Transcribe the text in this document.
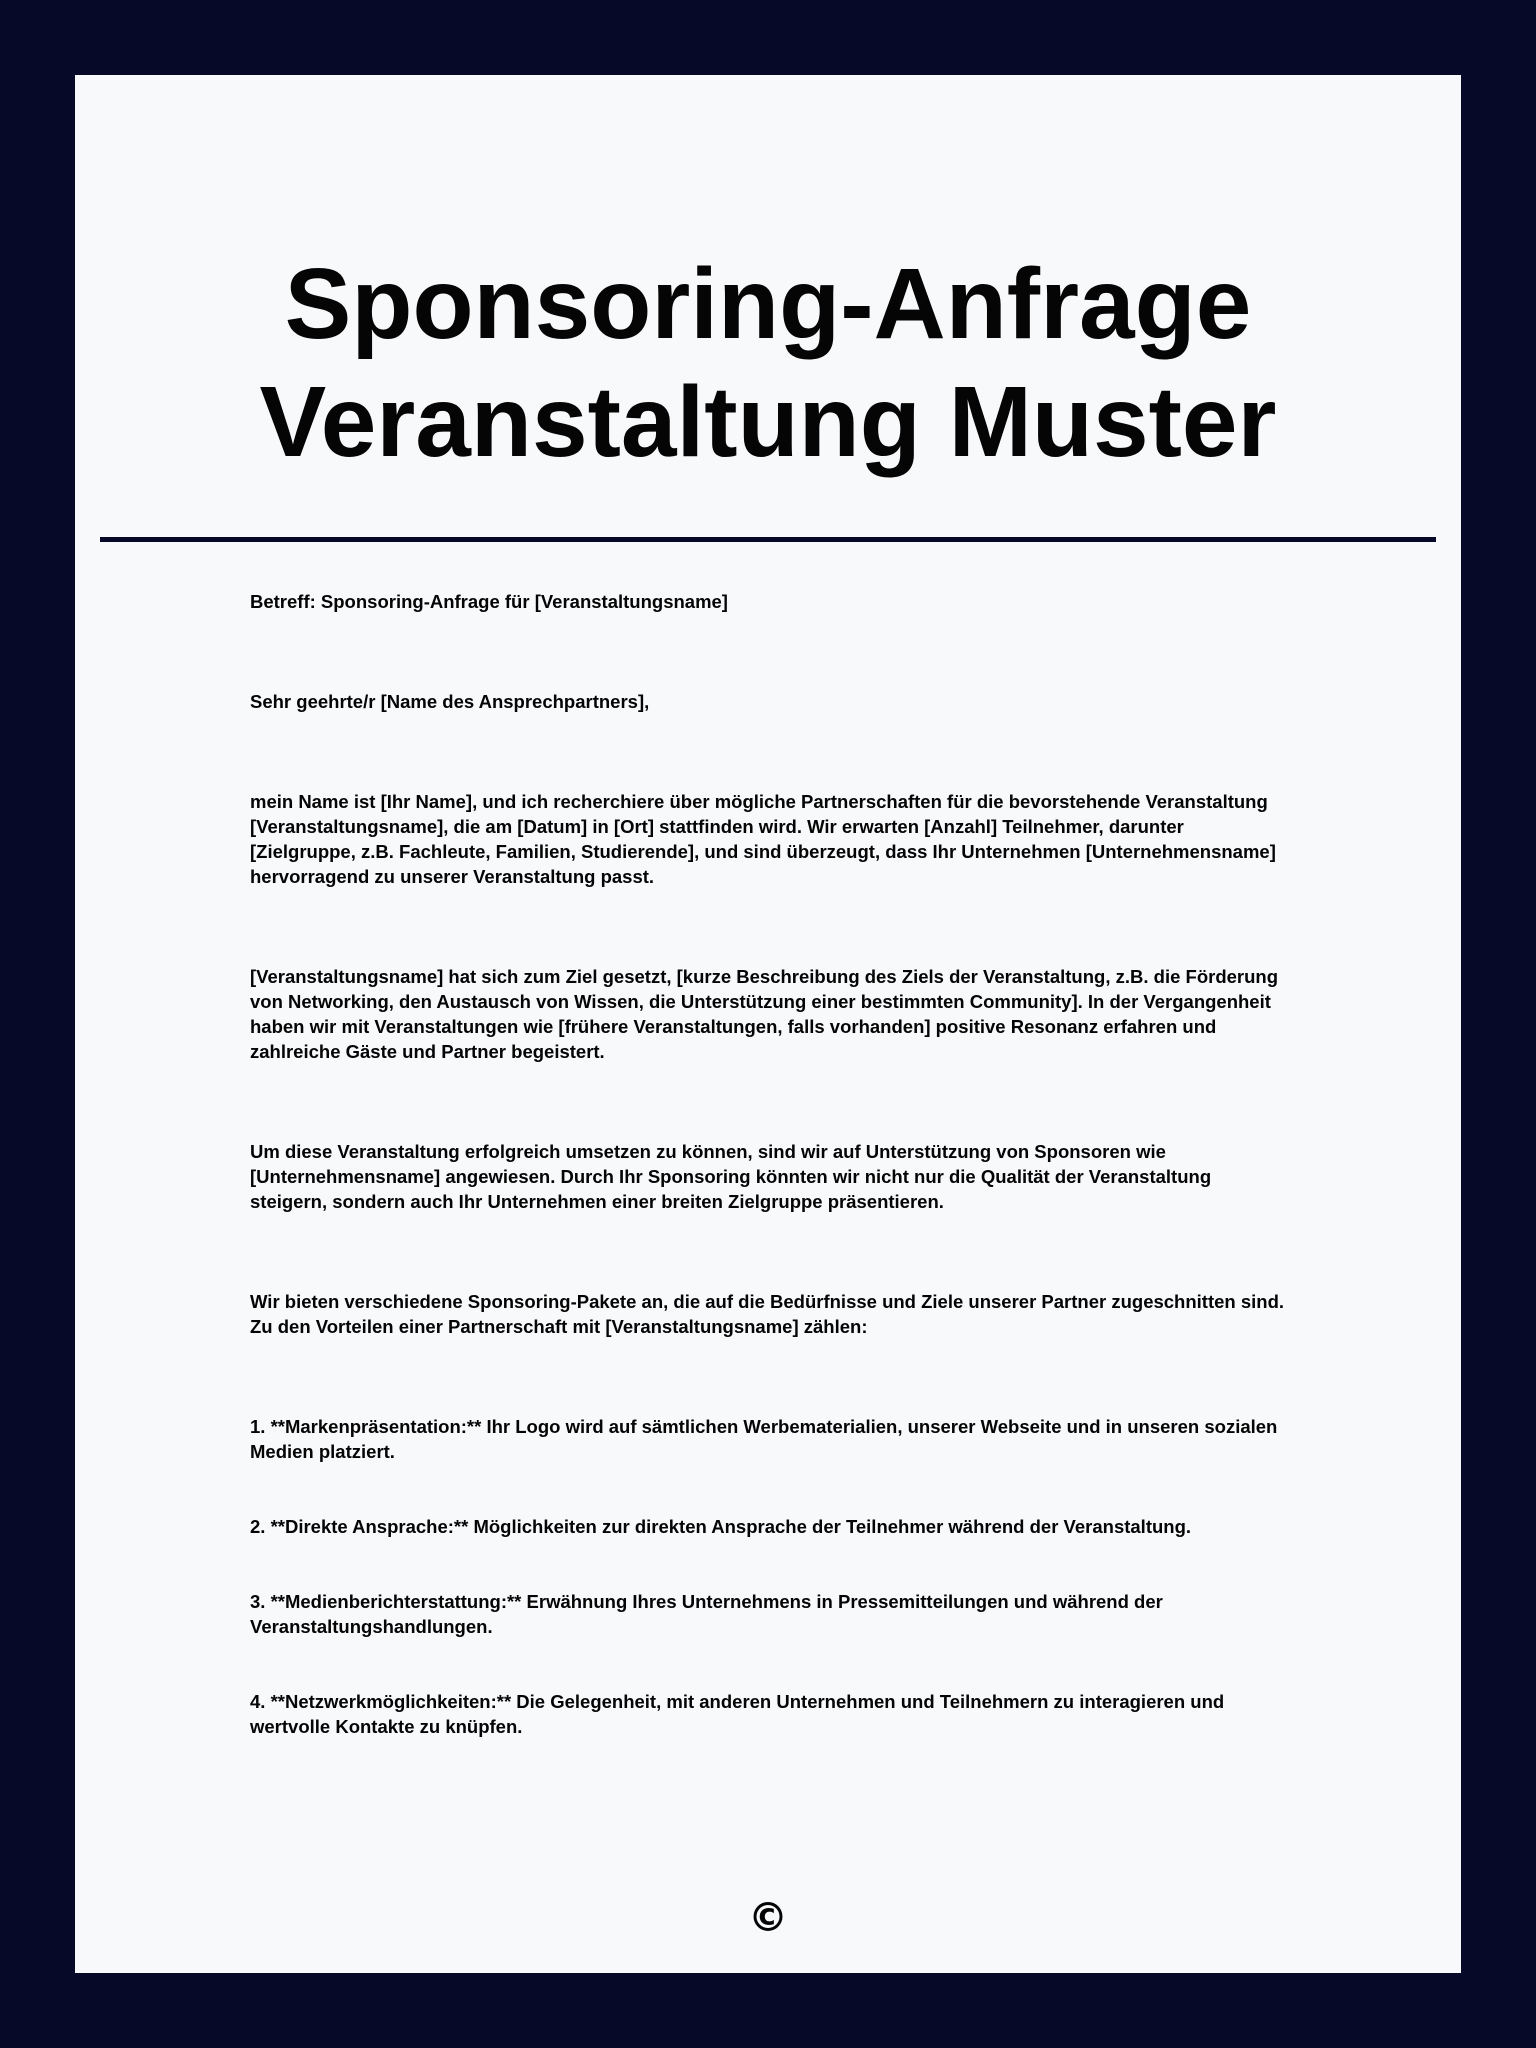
Sponsoring-Anfrage
Veranstaltung Muster

Betreff: Sponsoring-Anfrage für [Veranstaltungsname]

Sehr geehrte/r [Name des Ansprechpartners],

mein Name ist [Ihr Name], und ich recherchiere über mögliche Partnerschaften für die bevorstehende Veranstaltung [Veranstaltungsname], die am [Datum] in [Ort] stattfinden wird. Wir erwarten [Anzahl] Teilnehmer, darunter [Zielgruppe, z.B. Fachleute, Familien, Studierende], und sind überzeugt, dass Ihr Unternehmen [Unternehmensname] hervorragend zu unserer Veranstaltung passt.

[Veranstaltungsname] hat sich zum Ziel gesetzt, [kurze Beschreibung des Ziels der Veranstaltung, z.B. die Förderung von Networking, den Austausch von Wissen, die Unterstützung einer bestimmten Community]. In der Vergangenheit haben wir mit Veranstaltungen wie [frühere Veranstaltungen, falls vorhanden] positive Resonanz erfahren und zahlreiche Gäste und Partner begeistert.

Um diese Veranstaltung erfolgreich umsetzen zu können, sind wir auf Unterstützung von Sponsoren wie [Unternehmensname] angewiesen. Durch Ihr Sponsoring könnten wir nicht nur die Qualität der Veranstaltung steigern, sondern auch Ihr Unternehmen einer breiten Zielgruppe präsentieren.

Wir bieten verschiedene Sponsoring-Pakete an, die auf die Bedürfnisse und Ziele unserer Partner zugeschnitten sind. Zu den Vorteilen einer Partnerschaft mit [Veranstaltungsname] zählen:

1. **Markenpräsentation:** Ihr Logo wird auf sämtlichen Werbematerialien, unserer Webseite und in unseren sozialen Medien platziert.

2. **Direkte Ansprache:** Möglichkeiten zur direkten Ansprache der Teilnehmer während der Veranstaltung.

3. **Medienberichterstattung:** Erwähnung Ihres Unternehmens in Pressemitteilungen und während der Veranstaltungshandlungen.

4. **Netzwerkmöglichkeiten:** Die Gelegenheit, mit anderen Unternehmen und Teilnehmern zu interagieren und wertvolle Kontakte zu knüpfen.

©
